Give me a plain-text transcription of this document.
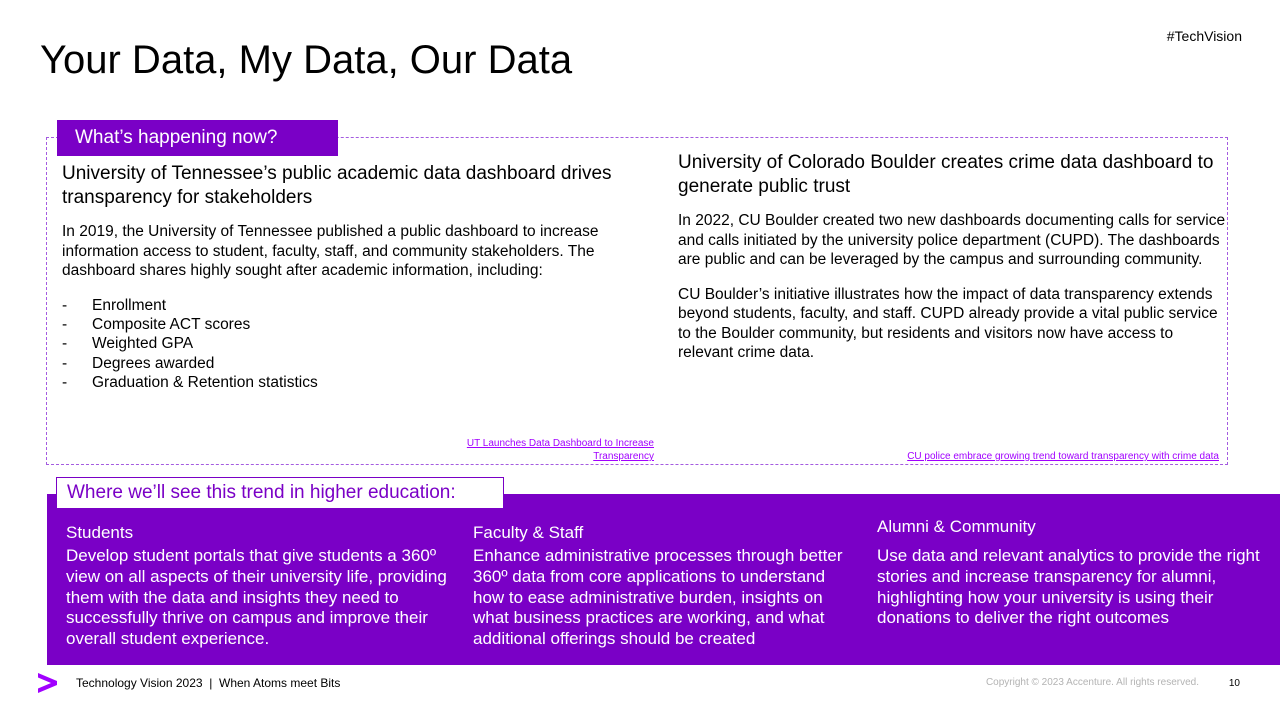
Your Data, My Data, Our Data
#TechVision
What’s happening now?
University of Tennessee’s public academic data dashboard drives transparency for stakeholders

In 2019, the University of Tennessee published a public dashboard to increase information access to student, faculty, staff, and community stakeholders. The dashboard shares highly sought after academic information, including:

- Enrollment
- Composite ACT scores
- Weighted GPA
- Degrees awarded
- Graduation & Retention statistics
UT Launches Data Dashboard to Increase Transparency
University of Colorado Boulder creates crime data dashboard to generate public trust

In 2022, CU Boulder created two new dashboards documenting calls for service and calls initiated by the university police department (CUPD). The dashboards are public and can be leveraged by the campus and surrounding community.

CU Boulder’s initiative illustrates how the impact of data transparency extends beyond students, faculty, and staff. CUPD already provide a vital public service to the Boulder community, but residents and visitors now have access to relevant crime data.

CU police embrace growing trend toward transparency with crime data
Where we’ll see this trend in higher education:
Students
Develop student portals that give students a 360º view on all aspects of their university life, providing them with the data and insights they need to successfully thrive on campus and improve their overall student experience.
Faculty & Staff
Enhance administrative processes through better 360º data from core applications to understand how to ease administrative burden, insights on what business practices are working, and what additional offerings should be created
Alumni & Community
Use data and relevant analytics to provide the right stories and increase transparency for alumni, highlighting how your university is using their donations to deliver the right outcomes
Technology Vision 2023  |  When Atoms meet Bits	Copyright © 2023 Accenture. All rights reserved.	10
